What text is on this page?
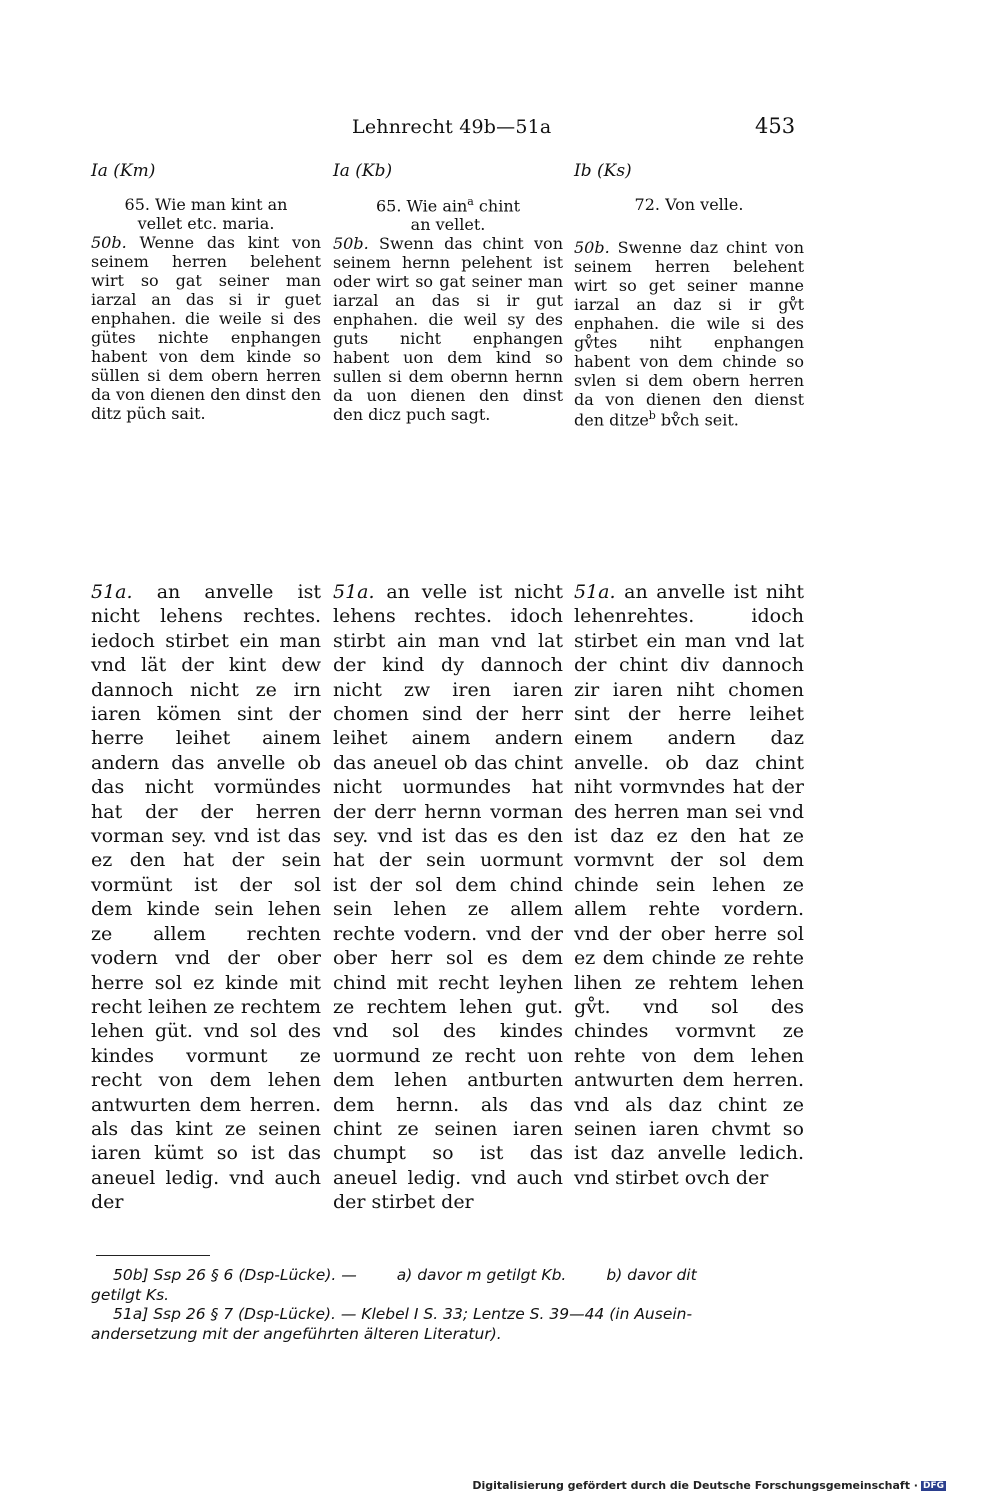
Lehnrecht 49b—51a	453
Ia (Km)
65. Wie man kint an
vellet etc. maria.
50b. Wenne das kint von seinem herren belehent wirt so gat seiner man iarzal an das si ir guet enphahen. die weile si des gütes nichte enphangen habent von dem kinde so süllen si dem obern herren da von dienen den dinst den ditz püch sait.
51a. an anvelle ist nicht lehens rechtes. iedoch stirbet ein man vnd lät der kint dew dannoch nicht ze irn iaren kömen sint der herre leihet ainem andern das anvelle ob das nicht vormündes hat der der herren vorman sey. vnd ist das ez den hat der sein vormünt ist der sol dem kinde sein lehen ze allem rechten vodern vnd der ober herre sol ez kinde mit recht leihen ze rechtem lehen güt. vnd sol des kindes vormunt ze recht von dem lehen antwurten dem herren. als das kint ze seinen iaren kümt so ist das aneuel ledig. vnd auch der
Ia (Kb)
65. Wie ain$^a$ chint
an vellet.
50b. Swenn das chint von seinem hernn pelehent ist oder wirt so gat seiner man iarzal an das si ir gut enphahen. die weil sy des guts nicht enphangen habent uon dem kind so sullen si dem obernn hernn da uon dienen den dinst den dicz puch sagt.
51a. an velle ist nicht lehens rechtes. idoch stirbt ain man vnd lat der kind dy dannoch nicht zw iren iaren chomen sind der herr leihet ainem andern das aneuel ob das chint nicht uormundes hat der derr hernn vorman sey. vnd ist das es den hat der sein uormunt ist der sol dem chind sein lehen ze allem rechte vodern. vnd der ober herr sol es dem chind mit recht leyhen ze rechtem lehen gut. vnd sol des kindes uormund ze recht uon dem lehen antburten dem hernn. als das chint ze seinen iaren chumpt so ist das aneuel ledig. vnd auch der stirbet der
Ib (Ks)
72. Von velle.
50b. Swenne daz chint von seinem herren belehent wirt so get seiner manne iarzal an daz si ir gv̊t enphahen. die wile si des gv̊tes niht enphangen habent von dem chinde so svlen si dem obern herren da von dienen den dienst den ditze$^b$ bv̊ch seit.
51a. an anvelle ist niht lehenrehtes. idoch stirbet ein man vnd lat der chint div dannoch zir iaren niht chomen sint der herre leihet einem andern daz anvelle. ob daz chint niht vormvndes hat der des herren man sei vnd ist daz ez den hat ze vormvnt der sol dem chinde sein lehen ze allem rehte vordern. vnd der ober herre sol ez dem chinde ze rehte lihen ze rehtem lehen gv̊t. vnd sol des chindes vormvnt ze rehte von dem lehen antwurten dem herren. vnd als daz chint ze seinen iaren chvmt so ist daz anvelle ledich. vnd stirbet ovch der
50b] Ssp 26 § 6 (Dsp-Lücke). —	a) davor m getilgt Kb.	b) davor dit
getilgt Ks.
51a] Ssp 26 § 7 (Dsp-Lücke). — Klebel I S. 33; Lentze S. 39—44 (in Ausein-
andersetzung mit der angeführten älteren Literatur).
Digitalisierung gefördert durch die Deutsche Forschungsgemeinschaft · DFG
